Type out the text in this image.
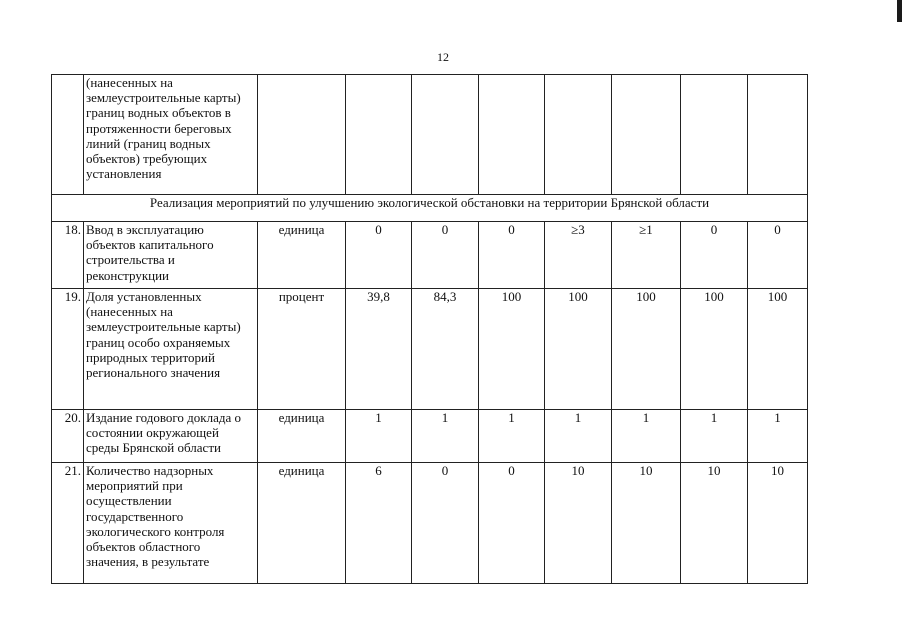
12
	(нанесенных на землеустроительные карты) границ водных объектов в протяженности береговых линий (границ водных объектов) требующих установления								
Реализация мероприятий по улучшению экологической обстановки на территории Брянской области									
18.	Ввод в эксплуатацию объектов капитального строительства и реконструкции	единица	0	0	0	≥3	≥1	0	0
19.	Доля установленных (нанесенных на землеустроительные карты) границ особо охраняемых природных территорий регионального значения	процент	39,8	84,3	100	100	100	100	100
20.	Издание годового доклада о состоянии окружающей среды Брянской области	единица	1	1	1	1	1	1	1
21.	Количество надзорных мероприятий при осуществлении государственного экологического контроля объектов областного значения, в результате	единица	6	0	0	10	10	10	10
